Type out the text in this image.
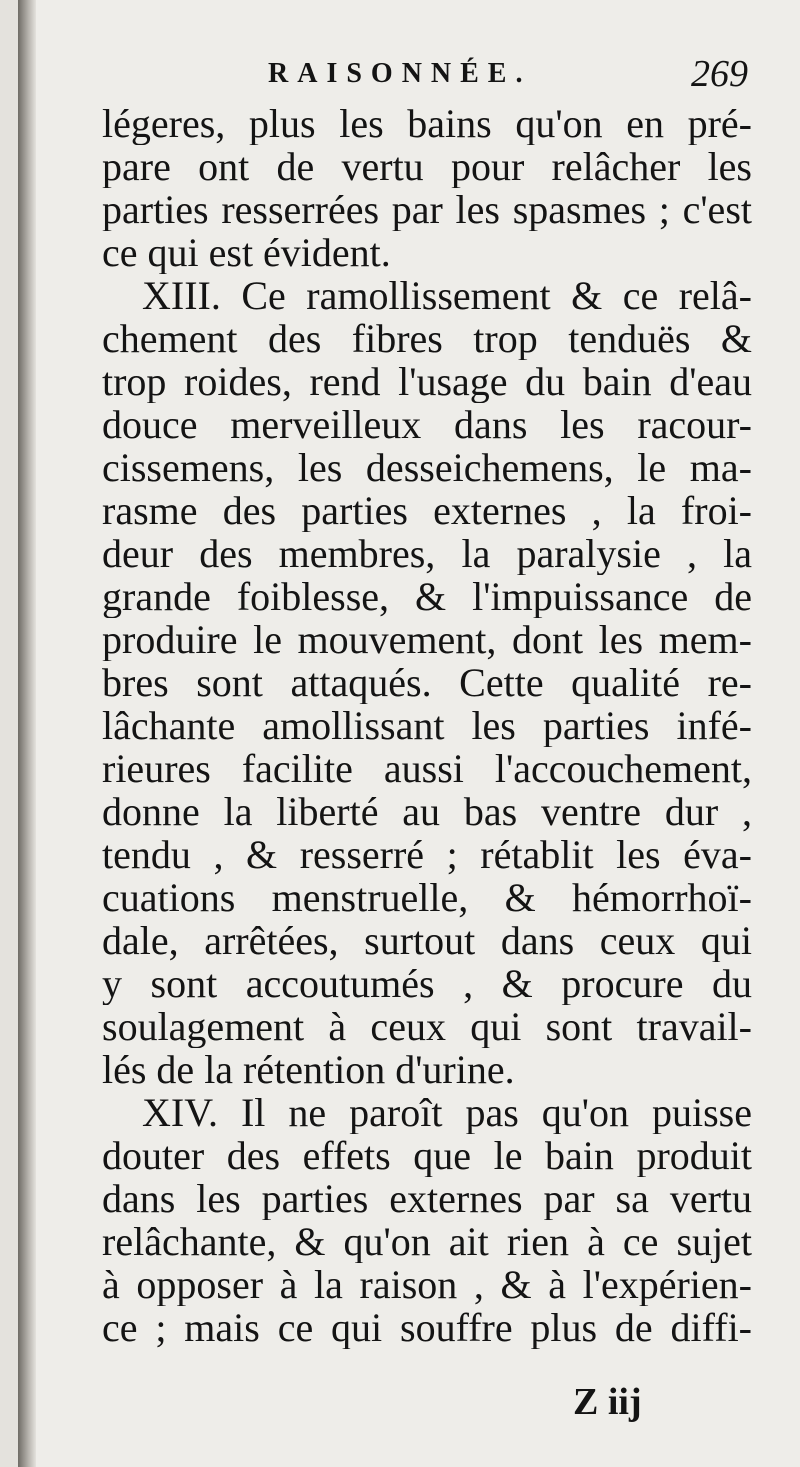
RAISONNÉE.	269
légeres, plus les bains qu'on en pré-
pare ont de vertu pour relâcher les
parties resserrées par les spasmes ; c'est
ce qui est évident.
XIII. Ce ramollissement & ce relâ-
chement des fibres trop tenduës &
trop roides, rend l'usage du bain d'eau
douce merveilleux dans les racour-
cissemens, les desseichemens, le ma-
rasme des parties externes , la froi-
deur des membres, la paralysie , la
grande foiblesse, & l'impuissance de
produire le mouvement, dont les mem-
bres sont attaqués. Cette qualité re-
lâchante amollissant les parties infé-
rieures facilite aussi l'accouchement,
donne la liberté au bas ventre dur ,
tendu , & resserré ; rétablit les éva-
cuations menstruelle, & hémorrhoï-
dale, arrêtées, surtout dans ceux qui
y sont accoutumés , & procure du
soulagement à ceux qui sont travail-
lés de la rétention d'urine.
XIV. Il ne paroît pas qu'on puisse
douter des effets que le bain produit
dans les parties externes par sa vertu
relâchante, & qu'on ait rien à ce sujet
à opposer à la raison , & à l'expérien-
ce ; mais ce qui souffre plus de diffi-
Z iij
